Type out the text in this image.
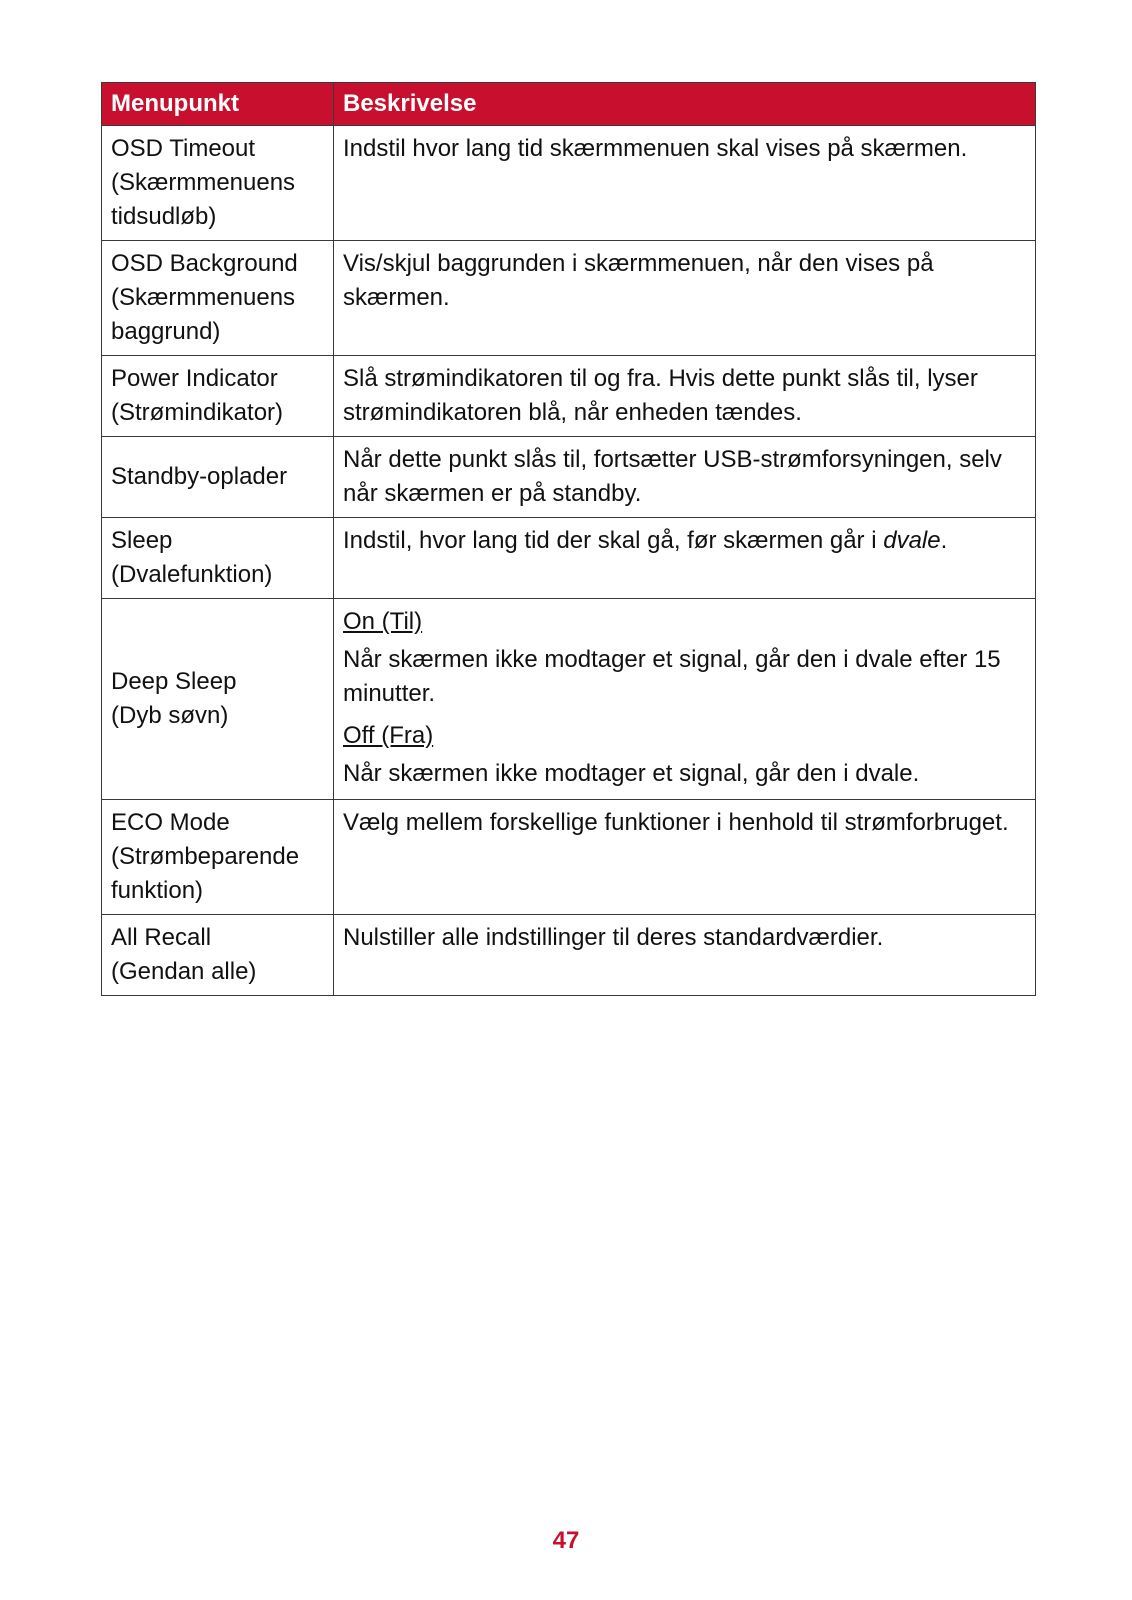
Menupunkt	Beskrivelse

OSD Timeout
(Skærmmenuens
tidsudløb)	Indstil hvor lang tid skærmmenuen skal vises på skærmen.

OSD Background
(Skærmmenuens
baggrund)	Vis/skjul baggrunden i skærmmenuen, når den vises på skærmen.

Power Indicator
(Strømindikator)	Slå strømindikatoren til og fra. Hvis dette punkt slås til, lyser strømindikatoren blå, når enheden tændes.

Standby-oplader	Når dette punkt slås til, fortsætter USB-strømforsyningen, selv når skærmen er på standby.

Sleep
(Dvalefunktion)	Indstil, hvor lang tid der skal gå, før skærmen går i dvale.

Deep Sleep
(Dyb søvn)	On (Til)
Når skærmen ikke modtager et signal, går den i dvale efter 15 minutter.
Off (Fra)
Når skærmen ikke modtager et signal, går den i dvale.

ECO Mode
(Strømbeparende
funktion)	Vælg mellem forskellige funktioner i henhold til strømforbruget.

All Recall
(Gendan alle)	Nulstiller alle indstillinger til deres standardværdier.
47
